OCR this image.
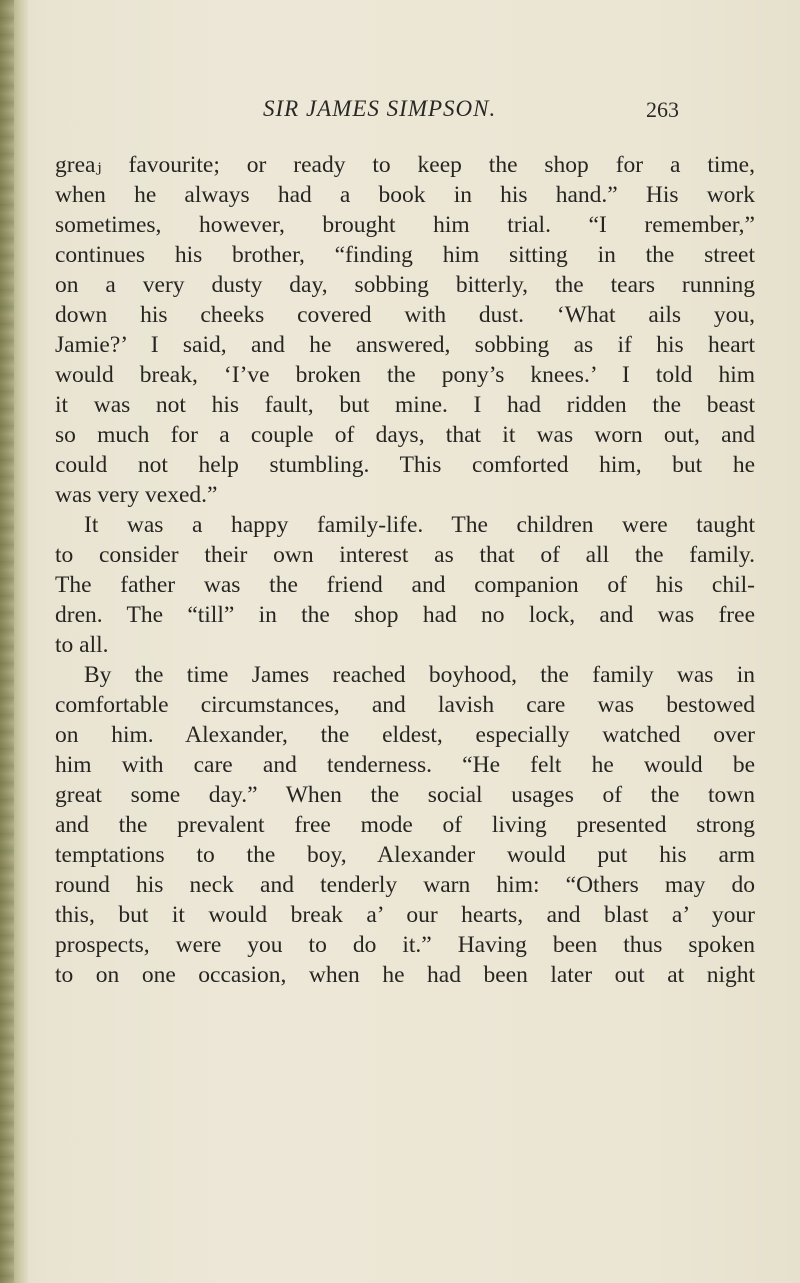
SIR JAMES SIMPSON.	263
greaⱼ favourite; or ready to keep the shop for a time,
when he always had a book in his hand.” His work
sometimes, however, brought him trial. “I remember,”
continues his brother, “finding him sitting in the street
on a very dusty day, sobbing bitterly, the tears running
down his cheeks covered with dust. ‘What ails you,
Jamie?’ I said, and he answered, sobbing as if his heart
would break, ‘I’ve broken the pony’s knees.’ I told him
it was not his fault, but mine. I had ridden the beast
so much for a couple of days, that it was worn out, and
could not help stumbling. This comforted him, but he
was very vexed.”
It was a happy family-life. The children were taught
to consider their own interest as that of all the family.
The father was the friend and companion of his chil-
dren. The “till” in the shop had no lock, and was free
to all.
By the time James reached boyhood, the family was in
comfortable circumstances, and lavish care was bestowed
on him. Alexander, the eldest, especially watched over
him with care and tenderness. “He felt he would be
great some day.” When the social usages of the town
and the prevalent free mode of living presented strong
temptations to the boy, Alexander would put his arm
round his neck and tenderly warn him: “Others may do
this, but it would break a’ our hearts, and blast a’ your
prospects, were you to do it.” Having been thus spoken
to on one occasion, when he had been later out at night
